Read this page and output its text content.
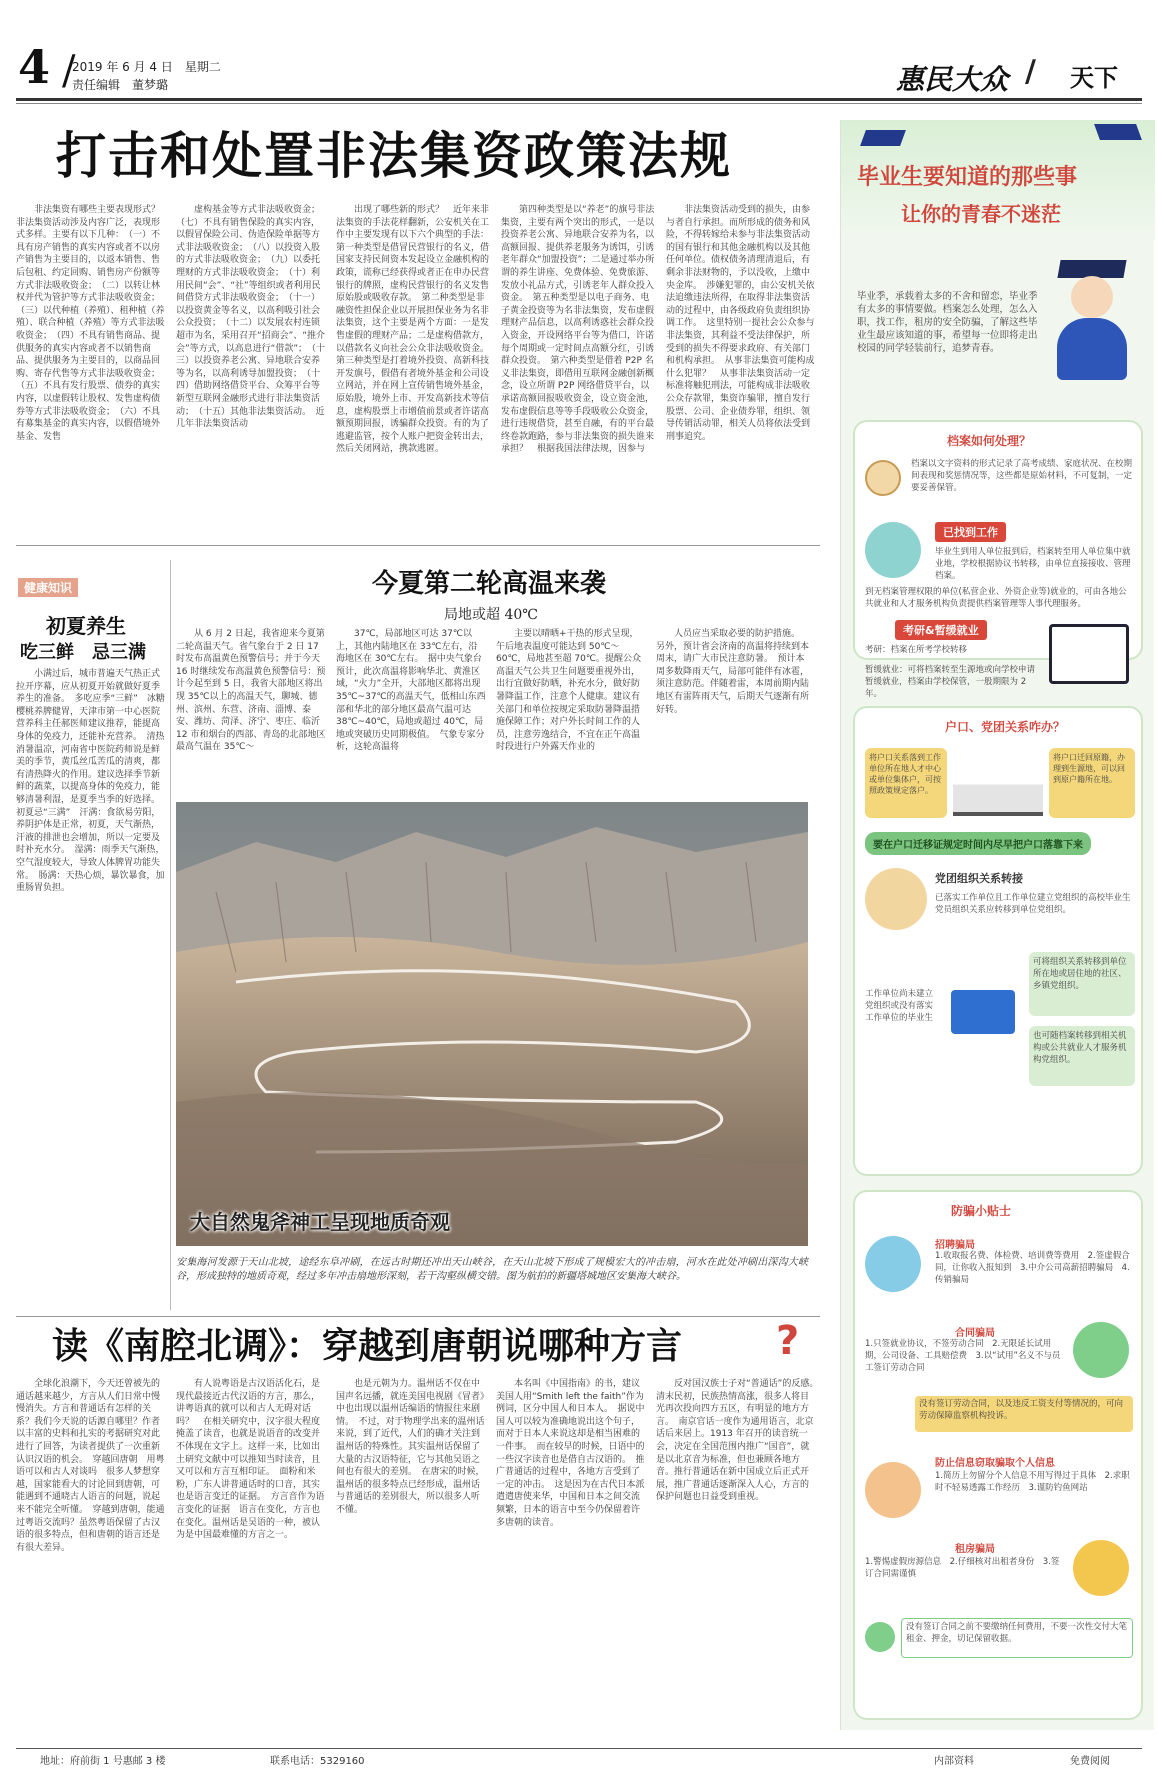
4 /
2019 年 6 月 4 日　星期二
责任编辑　董梦璐	惠民大众 / 天下
打击和处置非法集资政策法规

非法集资有哪些主要表现形式？　非法集资活动涉及内容广泛，表现形式多样。主要有以下几种：　（一）不具有房产销售的真实内容或者不以房产销售为主要目的，以返本销售、售后包租、约定回购、销售房产份额等方式非法吸收资金；　（二）以转让林权并代为管护等方式非法吸收资金；　（三）以代种植（养殖）、租种植（养殖）、联合种植（养殖）等方式非法吸收资金；　（四）不具有销售商品、提供服务的真实内容或者不以销售商品、提供服务为主要目的，以商品回购、寄存代售等方式非法吸收资金；　（五）不具有发行股票、债券的真实内容，以虚假转让股权、发售虚构债券等方式非法吸收资金；　（六）不具有募集基金的真实内容，以假借境外基金、发售

虚构基金等方式非法吸收资金；　（七）不具有销售保险的真实内容，以假冒保险公司、伪造保险单据等方式非法吸收资金；　（八）以投资入股的方式非法吸收资金；　（九）以委托理财的方式非法吸收资金；　（十）利用民间“会”、“社”等组织或者利用民间借贷方式非法吸收资金；　（十一）以投资黄金等名义，以高利吸引社会公众投资；　（十二）以发展农村连锁超市为名，采用召开“招商会”、“推介会”等方式，以高息进行“借款”；　（十三）以投资养老公寓、异地联合安养等为名，以高利诱导加盟投资；　（十四）借助网络借贷平台、众筹平台等新型互联网金融形式进行非法集资活动；　（十五）其他非法集资活动。　近几年非法集资活动

出现了哪些新的形式？　近年来非法集资的手法花样翻新，公安机关在工作中主要发现有以下六个典型的手法：　第一种类型是借冒民营银行的名义，借国家支持民间资本发起设立金融机构的政策，谎称已经获得或者正在申办民营银行的牌照，虚构民营银行的名义发售原始股或吸收存款。　第二种类型是非融资性担保企业以开展担保业务为名非法集资，这个主要是两个方面：一是发售虚假的理财产品；二是虚构借款方，以借款名义向社会公众非法吸收资金。　第三种类型是打着境外投资、高新科技开发旗号，假借有者境外基金和公司设立网站，并在网上宣传销售境外基金，原始股，境外上市、开发高新技术等信息，虚构股票上市增值前景或者许诺高额预期回报，诱骗群众投资。有的为了逃避监管，按个人账户把资金转出去，然后关闭网站，携款逃匿。

第四种类型是以“养老”的旗号非法集资，主要有两个突出的形式，一是以投资养老公寓、异地联合安养为名，以高额回报、提供养老服务为诱饵，引诱老年群众“加盟投资”；二是通过举办所谓的养生讲座、免费体验、免费旅游、发放小礼品方式，引诱老年人群众投入资金。　第五种类型是以电子商务、电子黄金投资等为名非法集资，发布虚假理财产品信息，以高利诱惑社会群众投入资金，开设网络平台等为借口，许诺每个周期或一定时间点高额分红，引诱群众投资。　第六种类型是借着 P2P 名义非法集资，即借用互联网金融创新概念，设立所谓 P2P 网络借贷平台，以承诺高额回报吸收资金，设立资金池，发布虚假信息等等手段吸收公众资金，进行违规借贷，甚至自融，有的平台最终卷款跑路，参与非法集资的损失谁来承担？　根据我国法律法规，因参与

非法集资活动受到的损失，由参与者自行承担。而所形成的债务和风险，不得转嫁给未参与非法集资活动的国有银行和其他金融机构以及其他任何单位。债权债务清理清退后，有剩余非法财物的，予以没收，上缴中央金库。　涉嫌犯罪的，由公安机关依法追缴违法所得，在取得非法集资活动的过程中，由各级政府负责组织协调工作。　这里特别一提社会公众参与非法集资，其利益不受法律保护，所受到的损失不得要求政府、有关部门和机构承担。　从事非法集资可能构成什么犯罪？　从事非法集资活动一定标准将触犯刑法，可能构成非法吸收公众存款罪，集资诈骗罪，擅自发行股票、公司、企业债券罪，组织、领导传销活动罪，相关人员将依法受到刑事追究。

健康知识
初夏养生
吃三鲜　忌三满

小满过后，城市普遍天气热正式拉开序幕，应从初夏开始就做好夏季养生的准备。　多吃应季“三鲜”　冰糖樱桃养脾健胃，天津市第一中心医院营养科主任郝医师建议推荐，能提高身体的免疫力，还能补充营养。　清热消暑温凉，河南省中医院药师说是鲜美的季节，黄瓜丝瓜苦瓜的清爽，都有清热降火的作用。建议选择季节新鲜的蔬菜，以提高身体的免疫力，能够清暑利湿，是夏季当季的好选择。　初夏忌“三满”　汗满：食欲易劳阳，养阴护体是正常，初夏，天气渐热，汗液的排泄也会增加，所以一定要及时补充水分。　湿满：雨季天气渐热，空气湿度较大，导致人体脾胃功能失常。　肠满：天热心烦，暴饮暴食，加重肠胃负担。

今夏第二轮高温来袭
局地或超 40℃

从 6 月 2 日起，我省迎来今夏第二轮高温天气。省气象台于 2 日 17 时发布高温黄色预警信号；并于今天 16 时继续发布高温黄色预警信号：预计今起至到 5 日，我省大部地区将出现 35℃以上的高温天气，聊城、德州、滨州、东营、济南、淄博、泰安、潍坊、菏泽、济宁、枣庄、临沂 12 市和烟台的西部、青岛的北部地区最高气温在 35℃～

37℃，局部地区可达 37℃以上，其他内陆地区在 33℃左右，沿海地区在 30℃左右。　据中央气象台预计，此次高温将影响华北、黄淮区域，“火力”全开，大部地区都将出现 35℃~37℃的高温天气，低相山东西部和华北的部分地区最高气温可达 38℃~40℃，局地或超过 40℃，局地或突破历史同期极值。　气象专家分析，这轮高温将

主要以晴晒+干热的形式呈现，午后地表温度可能达到 50℃～60℃，局地甚至超 70℃。提醒公众高温天气公共卫生问题要重视外出，出行宜做好防晒，补充水分，做好防暑降温工作，注意个人健康。建议有关部门和单位按规定采取防暑降温措施保障工作；对户外长时间工作的人员，注意劳逸结合，不宜在正午高温时段进行户外露天作业的

人员应当采取必要的防护措施。　另外，预计省会济南的高温将持续到本周末，请广大市民注意防暑。　预计本周多数降雨天气，局部可能伴有冰雹，须注意防范。伴随着雷，本周前期内陆地区有雷阵雨天气，后期天气逐渐有所好转。

大自然鬼斧神工呈现地质奇观
安集海河发源于天山北坡，途经东阜冲刷，在远古时期还冲出天山峡谷，在天山北坡下形成了规模宏大的冲击扇，河水在此处冲刷出深沟大峡谷，形成独特的地质奇观，经过多年冲击扇地形深刻，若干沟壑纵横交错。图为航拍的新疆塔城地区安集海大峡谷。
读《南腔北调》：穿越到唐朝说哪种方言 ?

全球化浪潮下，今天还曾被先的通话越来越少，方言从人们日常中慢慢消失。方言和普通话有怎样的关系？我们今天说的话源自哪里？作者以丰富的史料和扎实的考据研究对此进行了回答，为读者提供了一次重新认识汉语的机会。　穿越回唐朝　用粤语可以和古人对谈吗　很多人梦想穿越，国家能看大的讨论回到唐朝，可能遇到不通晓古人语言的问题，说起来不能完全听懂。　穿越到唐朝，能通过粤语交流吗？虽然粤语保留了古汉语的很多特点，但和唐朝的语言还是有很大差异。

有人说粤语是古汉语活化石，是现代最接近古代汉语的方言，那么，讲粤语真的就可以和古人无碍对话吗？　在相关研究中，汉字很大程度掩盖了读音，也就是说语音的改变并不体现在文字上。这样一来，比如出土研究文献中可以推知当时读音，且又可以和方言互相印证。　面粉和米粉，广东人讲普通话时的口音，其实也是语言变迁的证据。　方言音作为语言变化的证据　语言在变化，方言也在变化。温州话是吴语的一种，被认为是中国最难懂的方言之一。

也是元朝为力。温州话不仅在中国声名远播，就连美国电视剧《冒者》中也出现以温州话编语的情报往来剧情。　不过，对于物理学出来的温州话来说，到了近代，人们的确才关注到温州话的特殊性。其实温州话保留了大量的古汉语特征，它与其他吴语之间也有很大的差别。　在唐宋的时候，温州话的很多特点已经形成，温州话与普通话的差别很大，所以很多人听不懂。

本名叫《中国指南》的书，建议美国人用“Smith left the faith”作为例词，区分中国人和日本人。　据说中国人可以较为准确地说出这个句子，而对于日本人来说这却是相当困难的一件事。　而在较早的时候，日语中的一些汉字读音也是借自古汉语的。　推广普通话的过程中，各地方言受到了一定的冲击。　这是因为在古代日本派遣遣唐使来华，中国和日本之间交流频繁，日本的语言中至今仍保留着许多唐朝的读音。

反对国汉族士子对“普通话”的反感。　清末民初，民族热情高涨，很多人将目光再次投向四方五区，有明显的地方方言。　南京官话一度作为通用语言，北京话后来居上。1913 年召开的读音统一会，决定在全国范围内推广“国音”，就是以北京音为标准，但也兼顾各地方音。推行普通话在新中国成立后正式开展，推广普通话逐渐深入人心，方言的保护问题也日益受到重视。

毕业生要知道的那些事
让你的青春不迷茫
毕业季，承载着太多的不舍和留恋，毕业季有太多的事情要做。档案怎么处理，怎么入职，找工作，租房的安全防骗，了解这些毕业生最应该知道的事，希望每一位即将走出校园的同学轻装前行，追梦青春。
档案如何处理？
档案以文字资料的形式记录了高考成绩、家庭状况、在校期间表现和奖惩情况等，这些都是原始材料，不可复制，一定要妥善保管。
已找到工作
毕业生到用人单位报到后，档案转至用人单位集中就业地，学校根据协议书转移，由单位直接接收、管理档案。
到无档案管理权限的单位(私营企业、外资企业等)就业的，可由各地公共就业和人才服务机构负责提供档案管理等人事代理服务。
考研&暂缓就业
考研：档案在所考学校转移
暂缓就业：可将档案转至生源地或向学校申请暂缓就业，档案由学校保管，一般期限为 2 年。
户口、党团关系咋办？
将户口关系落到工作单位所在地人才中心或单位集体户，可按照政策规定落户。
将户口迁回原籍，办理到生源地，可以回到原户籍所在地。
要在户口迁移证规定时间内尽早把户口落靠下来
党团组织关系转接
已落实工作单位且工作单位建立党组织的高校毕业生党员组织关系应转移到单位党组织。
工作单位尚未建立党组织或没有落实工作单位的毕业生
可将组织关系转移到单位所在地或居住地的社区、乡镇党组织。
也可随档案转移到相关机构或公共就业人才服务机构党组织。
防骗小贴士
招聘骗局
1.收取报名费、体检费、培训费等费用　2.签虚假合同，让你收入报知到　3.中介公司高薪招聘骗局　4.传销骗局
合同骗局
1.只签就业协议，不签劳动合同　2.无限延长试用期，公司设备、工具赔偿费　3.以“试用”名义不与员工签订劳动合同
没有签订劳动合同，以及违反工资支付等情况的，可向劳动保障监察机构投诉。
防止信息窃取骗取个人信息
1.简历上勿留分个人信息不用写得过于具体　2.求职时不轻易透露工作经历　3.谨防钓鱼网站
租房骗局
1.警惕虚假房源信息　2.仔细核对出租者身份　3.签订合同需谨慎
没有签订合同之前不要缴纳任何费用，不要一次性交付大笔租金、押金，切记保留收据。
地址：府前街 1 号惠邮 3 楼	联系电话：5329160	内部资料	免费阅阅
